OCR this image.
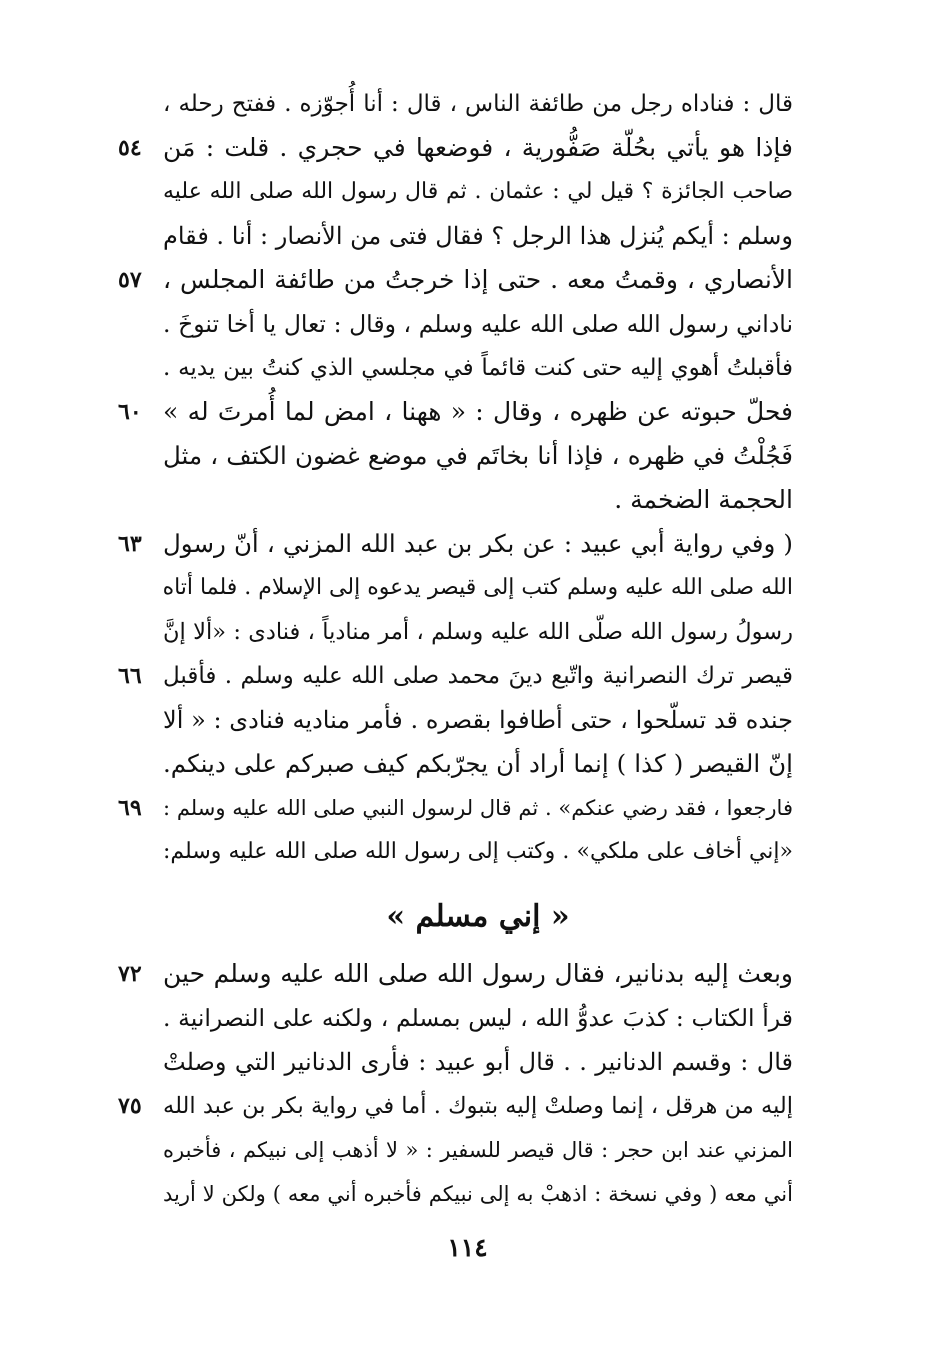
قال : فناداه رجل من طائفة الناس ، قال : أنا أُجوّزه . ففتح رحله ،
فإذا هو يأتي بحُلّة صَفُّورية ، فوضعها في حجري . قلت : مَن
٥٤
صاحب الجائزة ؟ قيل لي : عثمان . ثم قال رسول الله صلى الله عليه
وسلم : أيكم يُنزل هذا الرجل ؟ فقال فتى من الأنصار : أنا . فقام
الأنصاري ، وقمتُ معه . حتى إذا خرجتُ من طائفة المجلس ،
٥٧
ناداني رسول الله صلى الله عليه وسلم ، وقال : تعال يا أخا تنوخَ .
فأقبلتُ أهوي إليه حتى كنت قائماً في مجلسي الذي كنتُ بين يديه .
فحلّ حبوته عن ظهره ، وقال : « ههنا ، امض لما أُمرتَ له »
٦٠
فَجُلْتُ في ظهره ، فإذا أنا بخاتَم في موضع غضون الكتف ، مثل
الحجمة الضخمة .
( وفي رواية أبي عبيد : عن بكر بن عبد الله المزني ، أنّ رسول
٦٣
الله صلى الله عليه وسلم كتب إلى قيصر يدعوه إلى الإسلام . فلما أتاه
رسولُ رسول الله صلّى الله عليه وسلم ، أمر منادياً ، فنادى : «ألا إنَّ
قيصر ترك النصرانية واتّبع دينَ محمد صلى الله عليه وسلم . فأقبل
٦٦
جنده قد تسلّحوا ، حتى أطافوا بقصره . فأمر مناديه فنادى : « ألا
إنّ القيصر ( كذا ) إنما أراد أن يجرّبكم كيف صبركم على دينكم.
فارجعوا ، فقد رضي عنكم» . ثم قال لرسول النبي صلى الله عليه وسلم :
٦٩
«إني أخاف على ملكي» . وكتب إلى رسول الله صلى الله عليه وسلم:
« إني مسلم »
وبعث إليه بدنانير، فقال رسول الله صلى الله عليه وسلم حين
٧٢
قرأ الكتاب : كذبَ عدوُّ الله ، ليس بمسلم ، ولكنه على النصرانية .
قال : وقسم الدنانير . . قال أبو عبيد : فأرى الدنانير التي وصلتْ
إليه من هرقل ، إنما وصلتْ إليه بتبوك . أما في رواية بكر بن عبد الله
٧٥
المزني عند ابن حجر : قال قيصر للسفير : « لا أذهب إلى نبيكم ، فأخبره
أني معه ( وفي نسخة : اذهبْ به إلى نبيكم فأخبره أني معه ) ولكن لا أريد
١١٤
